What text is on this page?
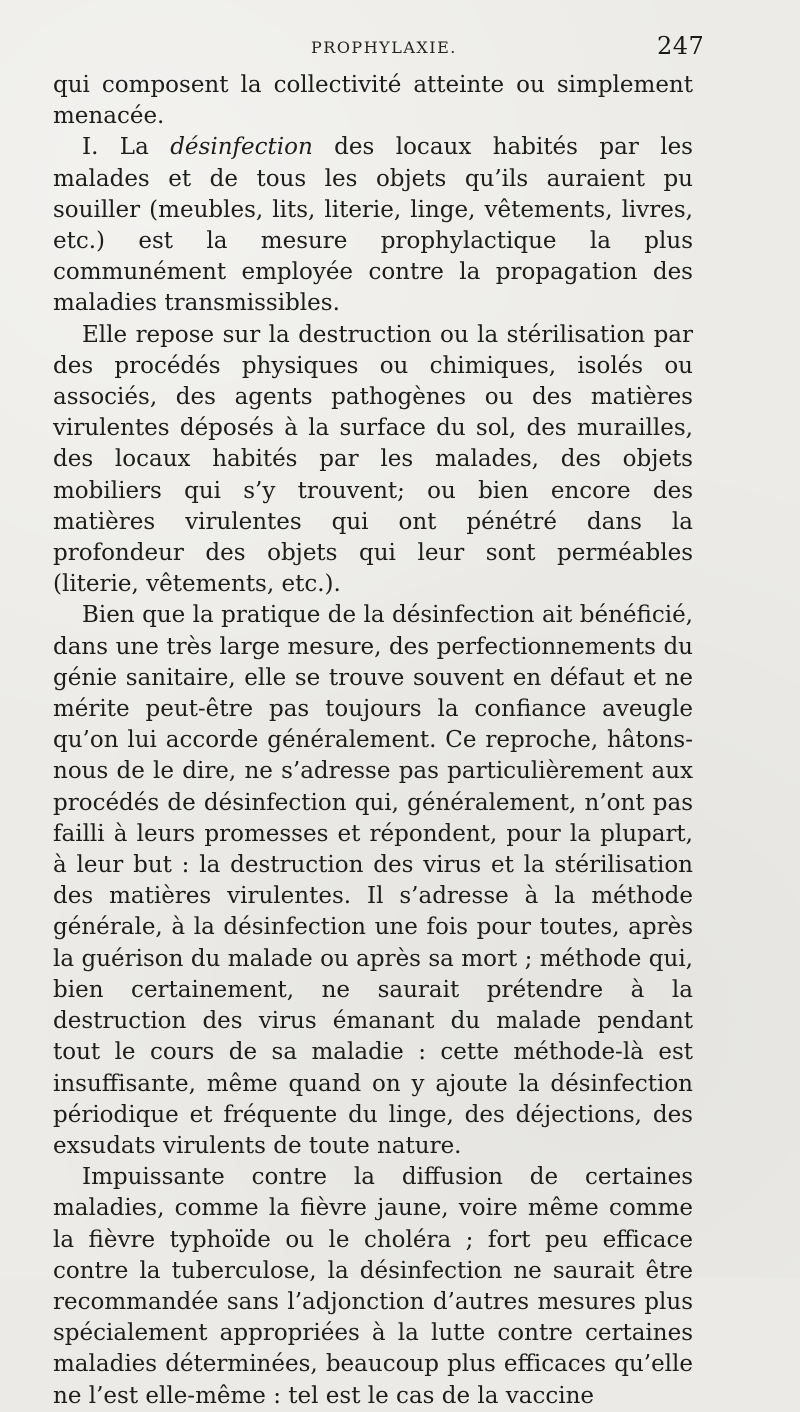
PROPHYLAXIE.	247

qui composent la collectivité atteinte ou simplement menacée.

I. La désinfection des locaux habités par les malades et de tous les objets qu’ils auraient pu souiller (meubles, lits, literie, linge, vêtements, livres, etc.) est la mesure prophylactique la plus communément employée contre la propagation des maladies transmissibles.

Elle repose sur la destruction ou la stérilisation par des procédés physiques ou chimiques, isolés ou associés, des agents pathogènes ou des matières virulentes déposés à la surface du sol, des murailles, des locaux habités par les malades, des objets mobiliers qui s’y trouvent; ou bien encore des matières virulentes qui ont pénétré dans la profondeur des objets qui leur sont perméables (literie, vêtements, etc.).

Bien que la pratique de la désinfection ait bénéficié, dans une très large mesure, des perfectionnements du génie sanitaire, elle se trouve souvent en défaut et ne mérite peut-être pas toujours la confiance aveugle qu’on lui accorde généralement. Ce reproche, hâtons-nous de le dire, ne s’adresse pas particulièrement aux procédés de désinfection qui, généralement, n’ont pas failli à leurs promesses et répondent, pour la plupart, à leur but : la destruction des virus et la stérilisation des matières virulentes. Il s’adresse à la méthode générale, à la désinfection une fois pour toutes, après la guérison du malade ou après sa mort ; méthode qui, bien certainement, ne saurait prétendre à la destruction des virus émanant du malade pendant tout le cours de sa maladie : cette méthode-là est insuffisante, même quand on y ajoute la désinfection périodique et fréquente du linge, des déjections, des exsudats virulents de toute nature.

Impuissante contre la diffusion de certaines maladies, comme la fièvre jaune, voire même comme la fièvre typhoïde ou le choléra ; fort peu efficace contre la tuberculose, la désinfection ne saurait être recommandée sans l’adjonction d’autres mesures plus spécialement appropriées à la lutte contre certaines maladies déterminées, beaucoup plus efficaces qu’elle ne l’est elle-même : tel est le cas de la vaccine
